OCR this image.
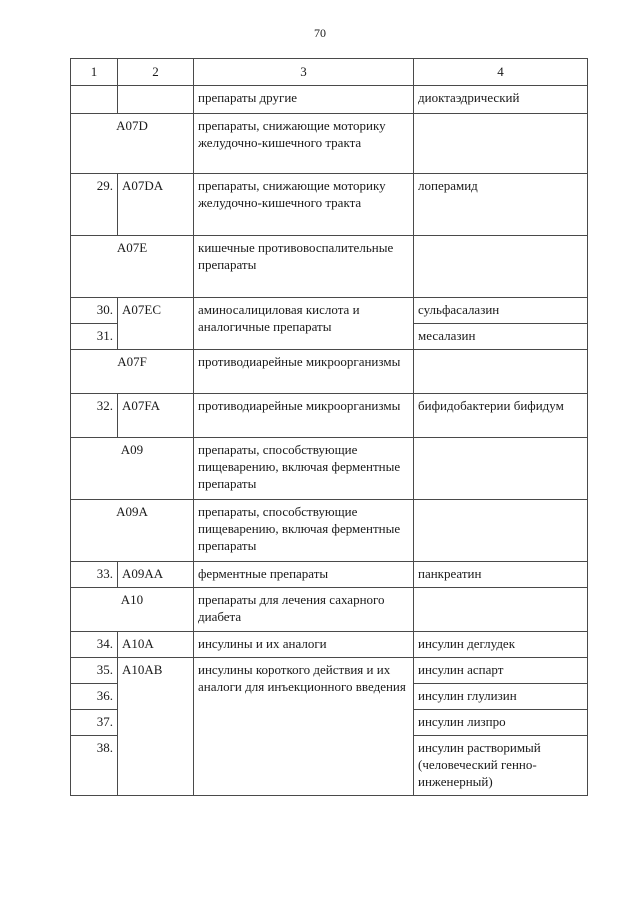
70
1	2	3	4
		препараты другие	диоктаэдрический
A07D		препараты, снижающие моторику желудочно-кишечного тракта	
29.	A07DA	препараты, снижающие моторику желудочно-кишечного тракта	лоперамид
A07E		кишечные противовоспалительные препараты	
30.	A07EC	аминосалициловая кислота и аналогичные препараты	сульфасалазин
31.			месалазин
A07F		противодиарейные микроорганизмы	
32.	A07FA	противодиарейные микроорганизмы	бифидобактерии бифидум
A09		препараты, способствующие пищеварению, включая ферментные препараты	
A09A		препараты, способствующие пищеварению, включая ферментные препараты	
33.	A09AA	ферментные препараты	панкреатин
A10		препараты для лечения сахарного диабета	
34.	A10A	инсулины и их аналоги	инсулин деглудек
35.	A10AB	инсулины короткого действия и их аналоги для инъекционного введения	инсулин аспарт
36.			инсулин глулизин
37.			инсулин лизпро
38.			инсулин растворимый (человеческий генно-инженерный)
